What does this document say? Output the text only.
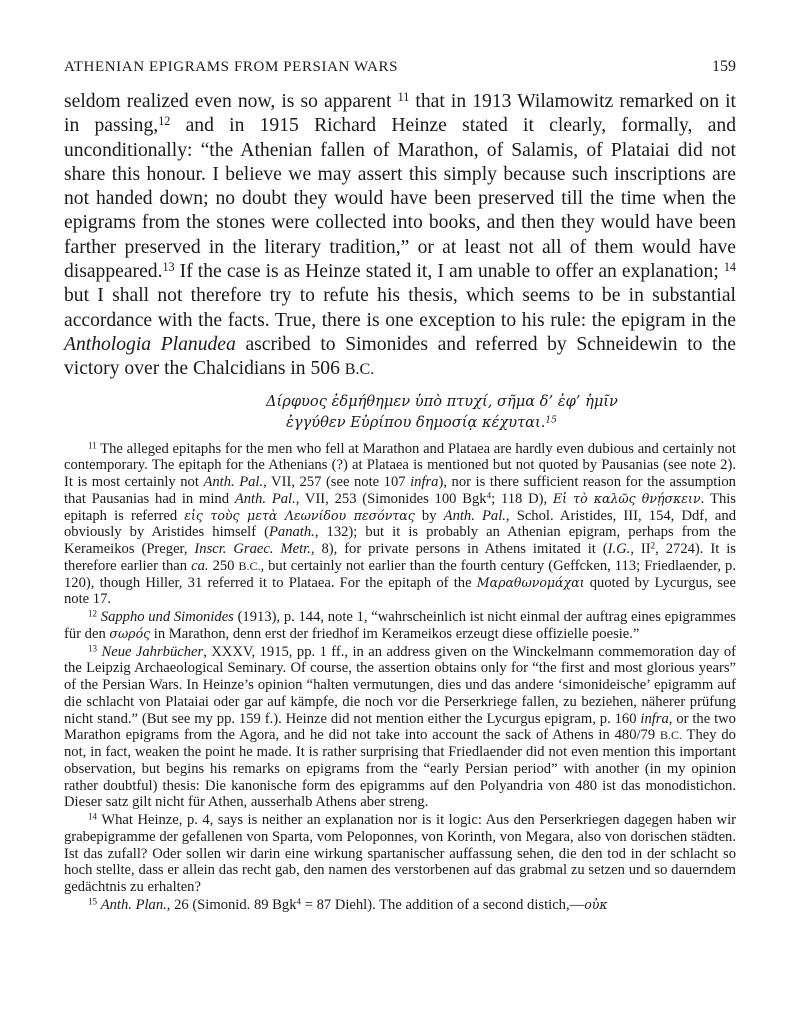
ATHENIAN EPIGRAMS FROM PERSIAN WARS	159

seldom realized even now, is so apparent $^{11}$ that in 1913 Wilamowitz remarked on it in passing,$^{12}$ and in 1915 Richard Heinze stated it clearly, formally, and unconditionally: “the Athenian fallen of Marathon, of Salamis, of Plataiai did not share this honour. I believe we may assert this simply because such inscriptions are not handed down; no doubt they would have been preserved till the time when the epigrams from the stones were collected into books, and then they would have been farther preserved in the literary tradition,” or at least not all of them would have disappeared.$^{13}$ If the case is as Heinze stated it, I am unable to offer an explanation; $^{14}$ but I shall not therefore try to refute his thesis, which seems to be in substantial accordance with the facts. True, there is one exception to his rule: the epigram in the Anthologia Planudea ascribed to Simonides and referred by Schneidewin to the victory over the Chalcidians in 506 B.C.

Δίρφυος ἐδμήθημεν ὑπὸ πτυχί, σῆμα δ’ ἐφ’ ἡμῖν
ἐγγύθεν Εὐρίπου δημοσίᾳ κέχυται.$^{15}$

$^{11}$ The alleged epitaphs for the men who fell at Marathon and Plataea are hardly even dubious and certainly not contemporary. The epitaph for the Athenians (?) at Plataea is mentioned but not quoted by Pausanias (see note 2). It is most certainly not Anth. Pal., VII, 257 (see note 107 infra), nor is there sufficient reason for the assumption that Pausanias had in mind Anth. Pal., VII, 253 (Simonides 100 Bgk$^4$; 118 D), Εἰ τὸ καλῶς θνῄσκειν. This epitaph is referred εἰς τοὺς μετὰ Λεωνίδου πεσόντας by Anth. Pal., Schol. Aristides, III, 154, Ddf, and obviously by Aristides himself (Panath., 132); but it is probably an Athenian epigram, perhaps from the Kerameikos (Preger, Inscr. Graec. Metr., 8), for private persons in Athens imitated it (I.G., $II^2$, 2724). It is therefore earlier than ca. 250 B.C., but certainly not earlier than the fourth century (Geffcken, 113; Friedlaender, p. 120), though Hiller, 31 referred it to Plataea. For the epitaph of the Μαραθωνομάχαι quoted by Lycurgus, see note 17.

$^{12}$ Sappho und Simonides (1913), p. 144, note 1, “wahrscheinlich ist nicht einmal der auftrag eines epigrammes für den σωρός in Marathon, denn erst der friedhof im Kerameikos erzeugt diese offizielle poesie.”

$^{13}$ Neue Jahrbücher, XXXV, 1915, pp. 1 ff., in an address given on the Winckelmann commemoration day of the Leipzig Archaeological Seminary. Of course, the assertion obtains only for “the first and most glorious years” of the Persian Wars. In Heinze’s opinion “halten vermutungen, dies und das andere ‘simonideische’ epigramm auf die schlacht von Plataiai oder gar auf kämpfe, die noch vor die Perserkriege fallen, zu beziehen, näherer prüfung nicht stand.” (But see my pp. 159 f.). Heinze did not mention either the Lycurgus epigram, p. 160 infra, or the two Marathon epigrams from the Agora, and he did not take into account the sack of Athens in 480/79 B.C. They do not, in fact, weaken the point he made. It is rather surprising that Friedlaender did not even mention this important observation, but begins his remarks on epigrams from the “early Persian period” with another (in my opinion rather doubtful) thesis: Die kanonische form des epigramms auf den Polyandria von 480 ist das monodistichon. Dieser satz gilt nicht für Athen, ausserhalb Athens aber streng.

$^{14}$ What Heinze, p. 4, says is neither an explanation nor is it logic: Aus den Perserkriegen dagegen haben wir grabepigramme der gefallenen von Sparta, vom Peloponnes, von Korinth, von Megara, also von dorischen städten. Ist das zufall? Oder sollen wir darin eine wirkung spartanischer auffassung sehen, die den tod in der schlacht so hoch stellte, dass er allein das recht gab, den namen des verstorbenen auf das grabmal zu setzen und so dauerndem gedächtnis zu erhalten?

$^{15}$ Anth. Plan., 26 (Simonid. 89 Bgk$^4$ = 87 Diehl). The addition of a second distich,—οὐκ
